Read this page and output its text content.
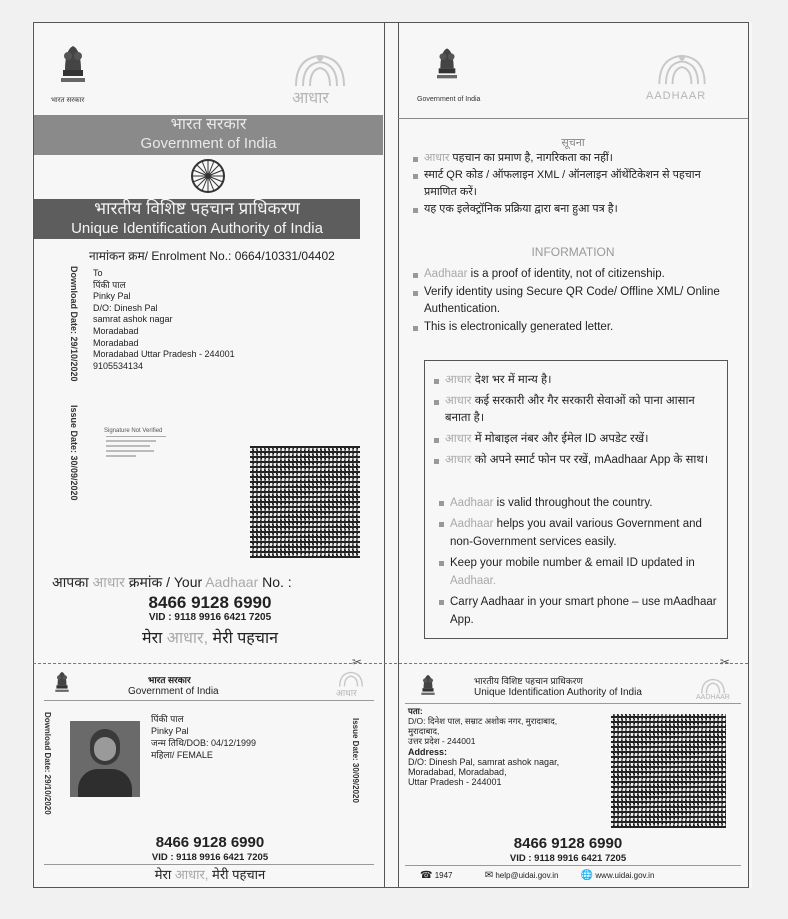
✂	✂
भारत सरकार	आधार
भारत सरकार
Government of India
भारतीय विशिष्ट पहचान प्राधिकरण
Unique Identification Authority of India
नामांकन क्रम/ Enrolment No.: 0664/10331/04402
Download Date: 29/10/2020
Issue Date: 30/09/2020
To
पिंकी पाल
Pinky Pal
D/O: Dinesh Pal
samrat ashok nagar
Moradabad
Moradabad
Moradabad Uttar Pradesh - 244001
9105534134
Signature Not Verified
आपका आधार क्रमांक / Your Aadhaar No. :
8466 9128 6990
VID : 9118 9916 6421 7205
मेरा आधार, मेरी पहचान
Government of India	AADHAAR
सूचना
आधार पहचान का प्रमाण है, नागरिकता का नहीं।
स्मार्ट QR कोड / ऑफलाइन XML / ऑनलाइन ऑथेंटिकेशन से पहचान प्रमाणित करें।
यह एक इलेक्ट्रॉनिक प्रक्रिया द्वारा बना हुआ पत्र है।
INFORMATION
Aadhaar is a proof of identity, not of citizenship.
Verify identity using Secure QR Code/ Offline XML/ Online Authentication.
This is electronically generated letter.
आधार देश भर में मान्य है।
आधार कई सरकारी और गैर सरकारी सेवाओं को पाना आसान बनाता है।
आधार में मोबाइल नंबर और ईमेल ID अपडेट रखें।
आधार को अपने स्मार्ट फोन पर रखें, mAadhaar App के साथ।
Aadhaar is valid throughout the country.
Aadhaar helps you avail various Government and non-Government services easily.
Keep your mobile number & email ID updated in Aadhaar.
Carry Aadhaar in your smart phone – use mAadhaar App.
भारत सरकार
Government of India	आधार
Download Date: 29/10/2020	Issue Date: 30/09/2020
पिंकी पाल
Pinky Pal
जन्म तिथि/DOB: 04/12/1999
महिला/ FEMALE
8466 9128 6990
VID : 9118 9916 6421 7205
मेरा आधार, मेरी पहचान
भारतीय विशिष्ट पहचान प्राधिकरण
Unique Identification Authority of India	AADHAAR
पता:
D/O: दिनेश पाल, सम्राट अशोक नगर, मुरादाबाद,
मुरादाबाद,
उत्तर प्रदेश - 244001
Address:
D/O: Dinesh Pal, samrat ashok nagar,
Moradabad, Moradabad,
Uttar Pradesh - 244001
8466 9128 6990
VID : 9118 9916 6421 7205
☎ 1947	✉ help@uidai.gov.in 🌐 www.uidai.gov.in
